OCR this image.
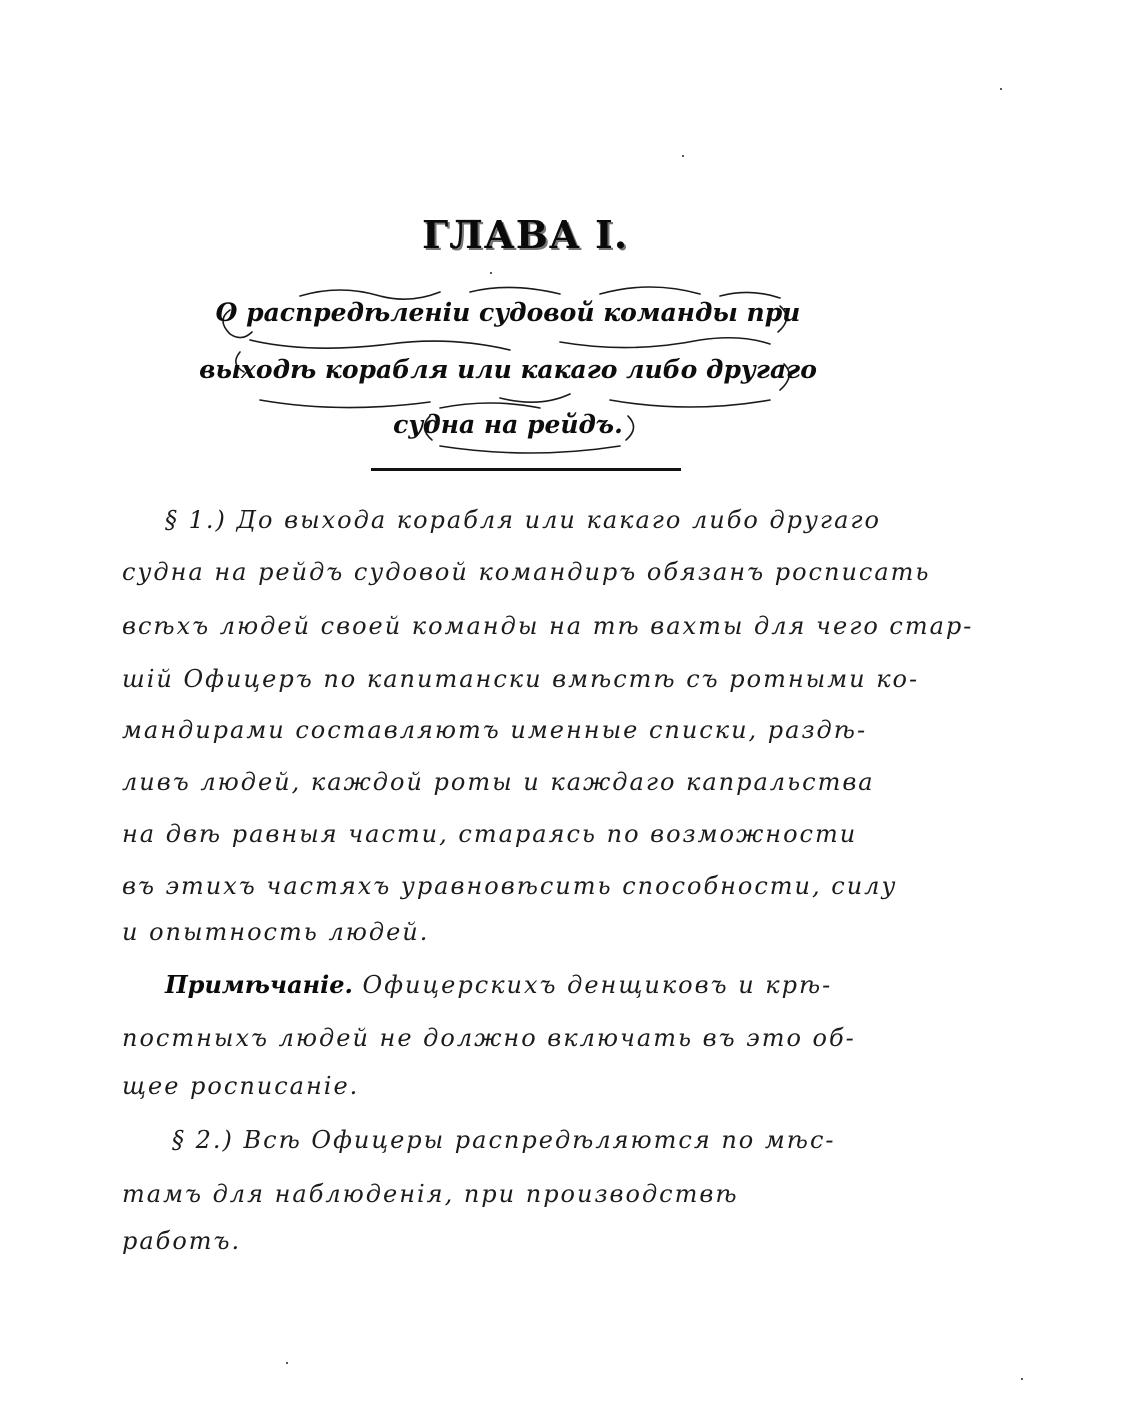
ГЛАВА I.
О распредѣленіи судовой команды при
выходѣ корабля или какаго либо другаго
судна на рейдъ.
§ 1.) До выхода корабля или какаго либо другаго
судна на рейдъ судовой командиръ обязанъ росписать
всѣхъ людей своей команды на тѣ вахты для чего стар-
шій Офицеръ по капитански вмѣстѣ съ ротными ко-
мандирами составляютъ именные списки, раздѣ-
ливъ людей, каждой роты и каждаго капральства
на двѣ равныя части, стараясь по возможности
въ этихъ частяхъ уравновѣсить способности, силу
и опытность людей.
Примѣчаніе. Офицерскихъ денщиковъ и крѣ-
постныхъ людей не должно включать въ это об-
щее росписаніе.
§ 2.) Всѣ Офицеры распредѣляются по мѣс-
тамъ для наблюденія, при производствѣ
работъ.
